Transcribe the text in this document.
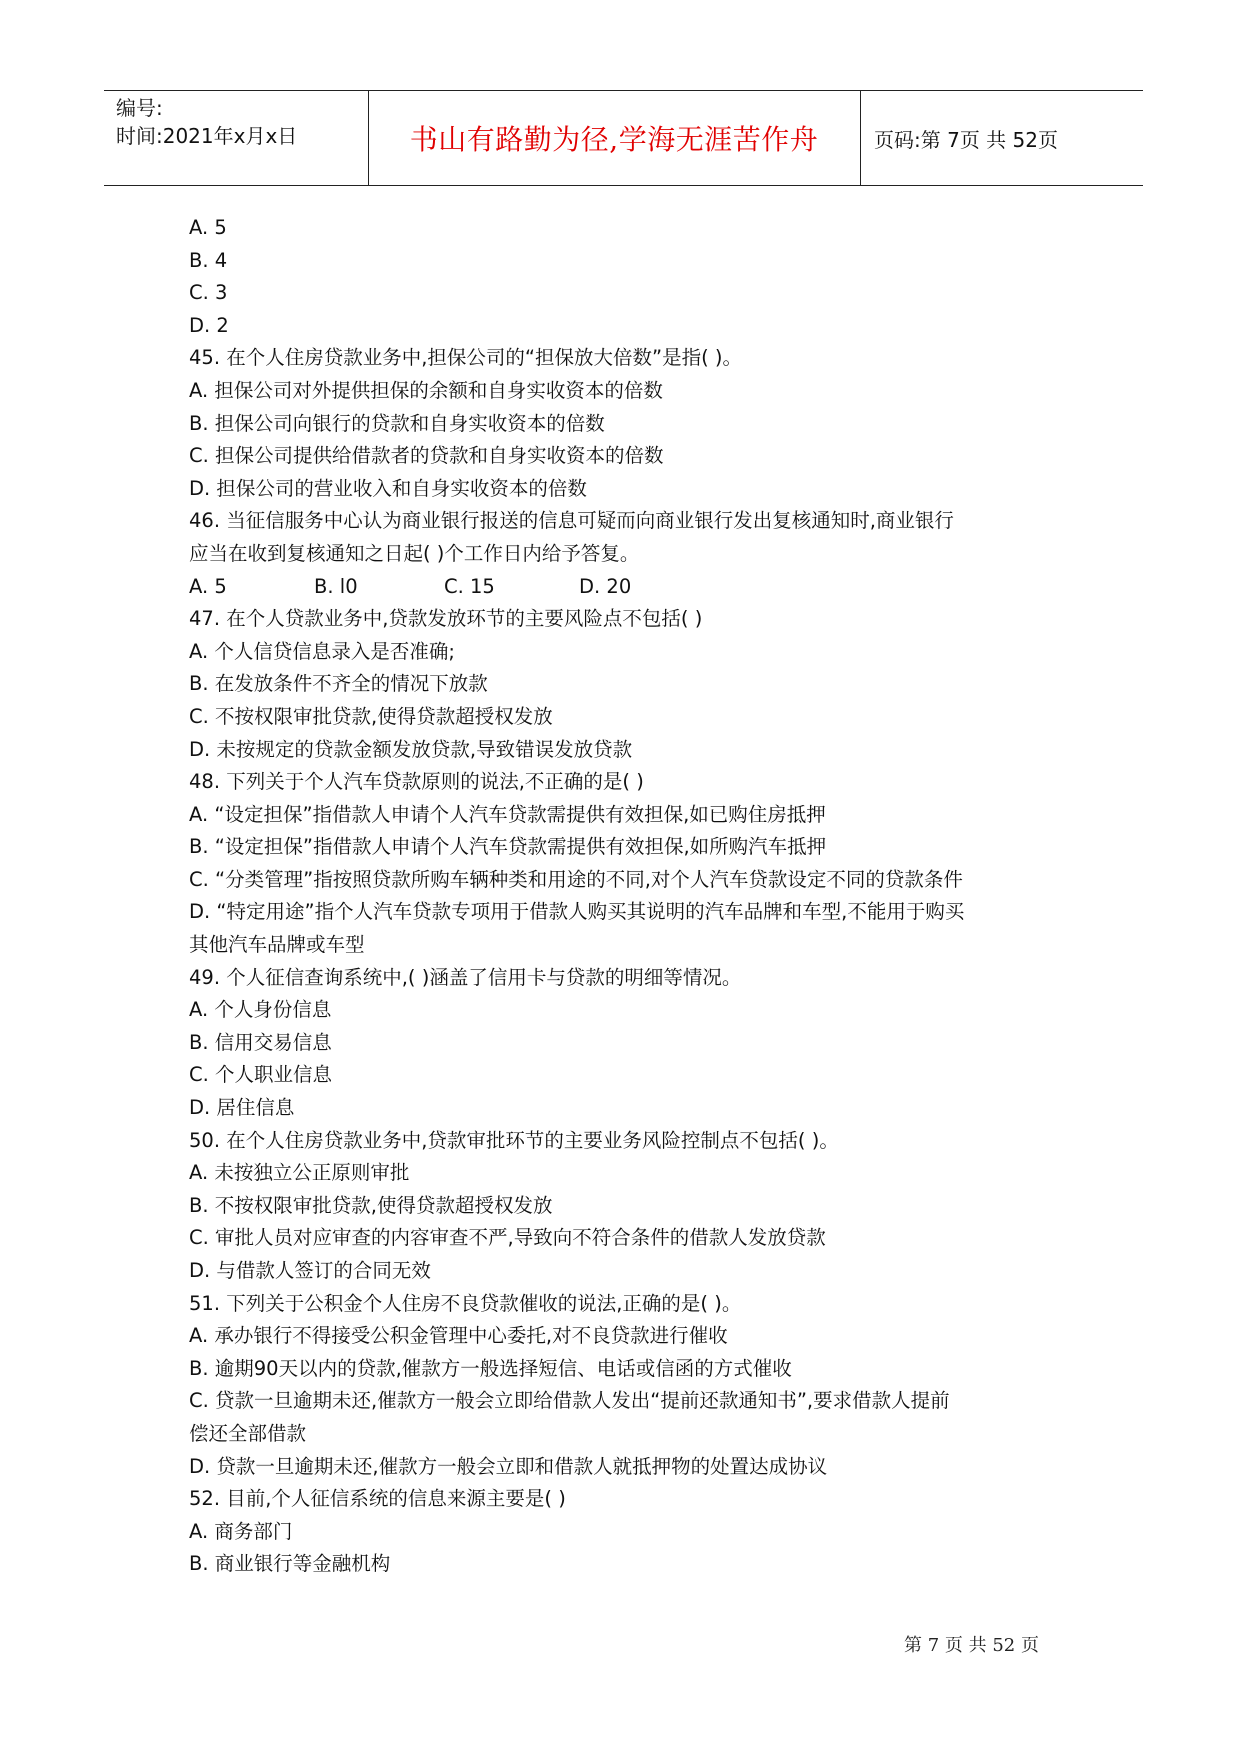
编号:
时间:2021年x月x日	书山有路勤为径,学海无涯苦作舟	页码:第 7页 共 52页
A. 5
B. 4
C. 3
D. 2
45. 在个人住房贷款业务中,担保公司的“担保放大倍数”是指( )。
A. 担保公司对外提供担保的余额和自身实收资本的倍数
B. 担保公司向银行的贷款和自身实收资本的倍数
C. 担保公司提供给借款者的贷款和自身实收资本的倍数
D. 担保公司的营业收入和自身实收资本的倍数
46. 当征信服务中心认为商业银行报送的信息可疑而向商业银行发出复核通知时,商业银行
应当在收到复核通知之日起( )个工作日内给予答复。
A. 5	B. l0	C. 15	D. 20
47. 在个人贷款业务中,贷款发放环节的主要风险点不包括( )
A. 个人信贷信息录入是否准确;
B. 在发放条件不齐全的情况下放款
C. 不按权限审批贷款,使得贷款超授权发放
D. 未按规定的贷款金额发放贷款,导致错误发放贷款
48. 下列关于个人汽车贷款原则的说法,不正确的是( )
A. “设定担保”指借款人申请个人汽车贷款需提供有效担保,如已购住房抵押
B. “设定担保”指借款人申请个人汽车贷款需提供有效担保,如所购汽车抵押
C. “分类管理”指按照贷款所购车辆种类和用途的不同,对个人汽车贷款设定不同的贷款条件
D. “特定用途”指个人汽车贷款专项用于借款人购买其说明的汽车品牌和车型,不能用于购买
其他汽车品牌或车型
49. 个人征信查询系统中,( )涵盖了信用卡与贷款的明细等情况。
A. 个人身份信息
B. 信用交易信息
C. 个人职业信息
D. 居住信息
50. 在个人住房贷款业务中,贷款审批环节的主要业务风险控制点不包括( )。
A. 未按独立公正原则审批
B. 不按权限审批贷款,使得贷款超授权发放
C. 审批人员对应审查的内容审查不严,导致向不符合条件的借款人发放贷款
D. 与借款人签订的合同无效
51. 下列关于公积金个人住房不良贷款催收的说法,正确的是( )。
A. 承办银行不得接受公积金管理中心委托,对不良贷款进行催收
B. 逾期90天以内的贷款,催款方一般选择短信、电话或信函的方式催收
C. 贷款一旦逾期未还,催款方一般会立即给借款人发出“提前还款通知书”,要求借款人提前
偿还全部借款
D. 贷款一旦逾期未还,催款方一般会立即和借款人就抵押物的处置达成协议
52. 目前,个人征信系统的信息来源主要是( )
A. 商务部门
B. 商业银行等金融机构
第 7 页 共 52 页
